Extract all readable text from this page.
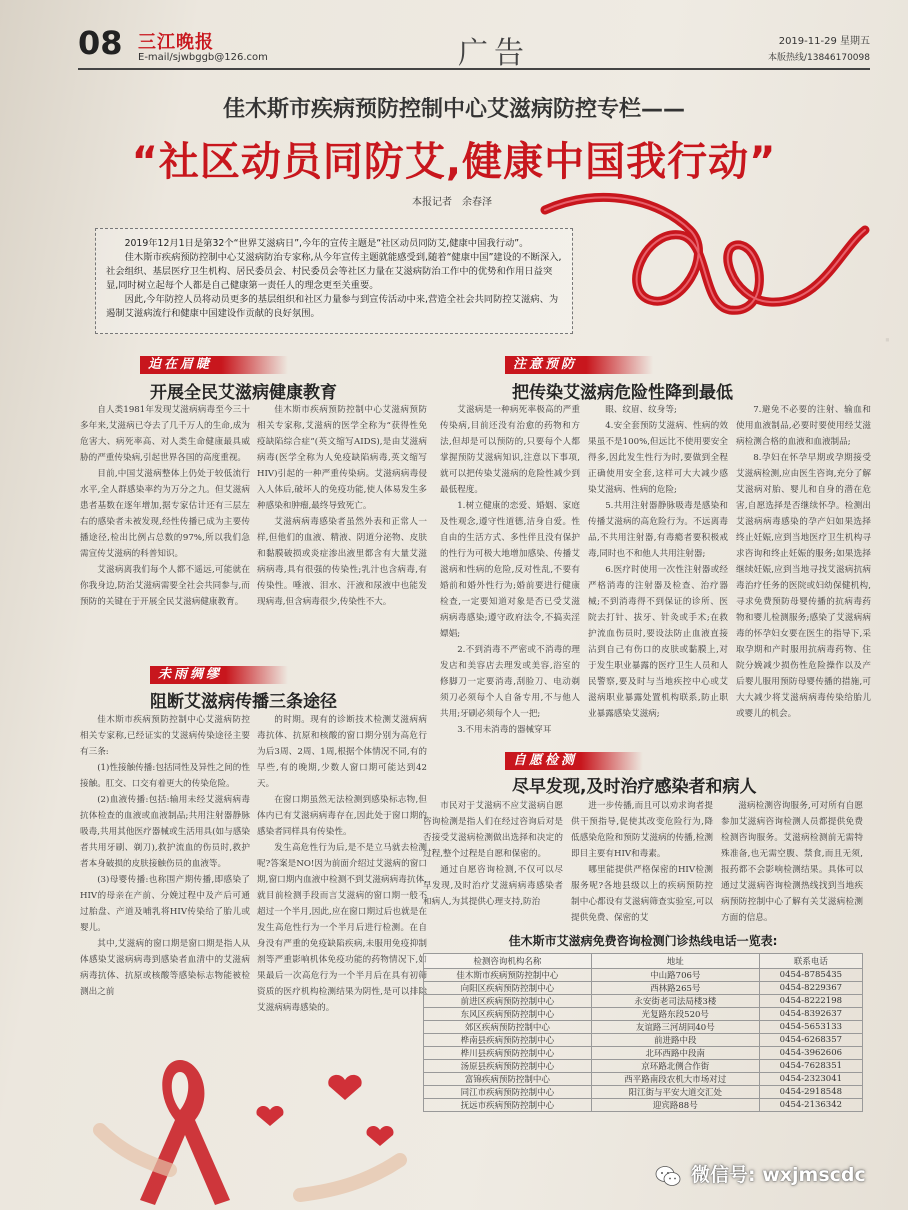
08 三江晚报
E-mail/sjwbggb@126.com	广告	2019-11-29 星期五
本版热线/13846170098
佳木斯市疾病预防控制中心艾滋病防控专栏——
“社区动员同防艾,健康中国我行动”
本报记者　余春泽

2019年12月1日是第32个“世界艾滋病日”,今年的宣传主题是“社区动员同防艾,健康中国我行动”。

佳木斯市疾病预防控制中心艾滋病防治专家称,从今年宣传主题就能感受到,随着“健康中国”建设的不断深入,社会组织、基层医疗卫生机构、居民委员会、村民委员会等社区力量在艾滋病防治工作中的优势和作用日益突显,同时树立起每个人都是自己健康第一责任人的理念更至关重要。

因此,今年防控人员将动员更多的基层组织和社区力量参与到宣传活动中来,营造全社会共同防控艾滋病、为遏制艾滋病流行和健康中国建设作贡献的良好氛围。

迫在眉睫
开展全民艾滋病健康教育

自人类1981年发现艾滋病病毒至今三十多年来,艾滋病已夺去了几千万人的生命,成为危害大、病死率高、对人类生命健康最具威胁的严重传染病,引起世界各国的高度重视。

目前,中国艾滋病整体上仍处于较低流行水平,全人群感染率约为万分之九。但艾滋病患者基数在逐年增加,据专家估计还有三层左右的感染者未被发现,经性传播已成为主要传播途径,检出比例占总数的97%,所以我们急需宣传艾滋病的科普知识。

艾滋病离我们每个人都不遥远,可能就在你我身边,防治艾滋病需要全社会共同参与,而预防的关键在于开展全民艾滋病健康教育。

佳木斯市疾病预防控制中心艾滋病预防相关专家称,艾滋病的医学全称为“获得性免疫缺陷综合症”(英文缩写AIDS),是由艾滋病病毒(医学全称为人免疫缺陷病毒,英文缩写HIV)引起的一种严重传染病。艾滋病病毒侵入人体后,破坏人的免疫功能,使人体易发生多种感染和肿瘤,最终导致死亡。

艾滋病病毒感染者虽然外表和正常人一样,但他们的血液、精液、阴道分泌物、皮肤和黏膜破损或炎症渗出液里都含有大量艾滋病病毒,具有很强的传染性;乳汁也含病毒,有传染性。唾液、泪水、汗液和尿液中也能发现病毒,但含病毒很少,传染性不大。

未雨绸缪
阻断艾滋病传播三条途径

佳木斯市疾病预防控制中心艾滋病防控相关专家称,已经证实的艾滋病传染途径主要有三条:

(1)性接触传播:包括同性及异性之间的性接触。肛交、口交有着更大的传染危险。

(2)血液传播:包括:输用未经艾滋病病毒抗体检查的血液或血液制品;共用注射器静脉吸毒,共用其他医疗器械或生活用具(如与感染者共用牙刷、剃刀),救护流血的伤员时,救护者本身破损的皮肤接触伤员的血液等。

(3)母婴传播:也称围产期传播,即感染了HIV的母亲在产前、分娩过程中及产后可通过胎盘、产道及哺乳将HIV传染给了胎儿或婴儿。

其中,艾滋病的窗口期是窗口期是指人从体感染艾滋病病毒到感染者血清中的艾滋病病毒抗体、抗原或核酸等感染标志物能被检测出之前

的时期。现有的诊断技术检测艾滋病病毒抗体、抗原和核酸的窗口期分别为高危行为后3周、2周、1周,根据个体情况不同,有的早些,有的晚期,少数人窗口期可能达到42天。

在窗口期虽然无法检测到感染标志物,但体内已有艾滋病病毒存在,因此处于窗口期的感染者同样具有传染性。

发生高危性行为后,是不是立马就去检测呢?答案是NO!因为前面介绍过艾滋病的窗口期,窗口期内血液中检测不到艾滋病病毒抗体,就目前检测手段而言艾滋病的窗口期一般不超过一个半月,因此,应在窗口期过后也就是在发生高危性行为一个半月后进行检测。在自身没有严重的免疫缺陷疾病,未服用免疫抑制剂等严重影响机体免疫功能的药物情况下,如果最后一次高危行为一个半月后在具有初筛资质的医疗机构检测结果为阴性,是可以排除艾滋病病毒感染的。

注意预防
把传染艾滋病危险性降到最低

艾滋病是一种病死率极高的严重传染病,目前还没有治愈的药物和方法,但却是可以预防的,只要每个人都掌握预防艾滋病知识,注意以下事项,就可以把传染艾滋病的危险性减少到最低程度。

1.树立健康的恋爱、婚姻、家庭及性观念,遵守性道德,洁身自爱。性自由的生活方式、多性伴且没有保护的性行为可极大地增加感染、传播艾滋病和性病的危险,反对性乱,不要有婚前和婚外性行为;婚前要进行健康检查,一定要知道对象是否已受艾滋病病毒感染;遵守政府法令,不搞卖淫嫖娼;

2.不到消毒不严密或不消毒的理发店和美容店去理发或美容,浴室的修脚刀一定要消毒,刮脸刀、电动剃须刀必须每个人自备专用,不与他人共用;牙刷必须每个人一把;

3.不用未消毒的器械穿耳

眼、纹眉、纹身等;

4.安全套预防艾滋病、性病的效果虽不是100%,但远比不使用要安全得多,因此发生性行为时,要做到全程正确使用安全套,这样可大大减少感染艾滋病、性病的危险;

5.共用注射器静脉吸毒是感染和传播艾滋病的高危险行为。不远离毒品,不共用注射器,有毒瘾者要积极戒毒,同时也不和他人共用注射器;

6.医疗时使用一次性注射器或经严格消毒的注射器及检查、治疗器械;不到消毒得不到保证的诊所、医院去打针、拔牙、针灸或手术;在救护流血伤员时,要设法防止血液直接沾到自己有伤口的皮肤或黏膜上,对于发生职业暴露的医疗卫生人员和人民警察,要及时与当地疾控中心或艾滋病职业暴露处置机构联系,防止职业暴露感染艾滋病;

7.避免不必要的注射、输血和使用血液制品,必要时要使用经艾滋病检测合格的血液和血液制品;

8.孕妇在怀孕早期或孕期接受艾滋病检测,应由医生咨询,充分了解艾滋病对胎、婴儿和自身的潜在危害,自愿选择是否继续怀孕。检测出艾滋病病毒感染的孕产妇如果选择终止妊娠,应到当地医疗卫生机构寻求咨询和终止妊娠的服务;如果选择继续妊娠,应到当地寻找艾滋病抗病毒治疗任务的医院或妇幼保健机构,寻求免费预防母婴传播的抗病毒药物和婴儿检测服务;感染了艾滋病病毒的怀孕妇女要在医生的指导下,采取孕期和产时服用抗病毒药物、住院分娩减少损伤性危险操作以及产后婴儿服用预防母婴传播的措施,可大大减少将艾滋病病毒传染给胎儿或婴儿的机会。

自愿检测
尽早发现,及时治疗感染者和病人

市民对于艾滋病不应艾滋病自愿咨询检测是指人们在经过咨询后对是否接受艾滋病检测做出选择和决定的过程,整个过程是自愿和保密的。

通过自愿咨询检测,不仅可以尽早发现,及时治疗艾滋病病毒感染者和病人,为其提供心理支持,防治

进一步传播,而且可以劝求询者提供干预指导,促使其改变危险行为,降低感染危险和预防艾滋病的传播,检测即目主要有HIV和毒素。

哪里能提供严格保密的HIV检测服务呢?各地县级以上的疾病预防控制中心都设有艾滋病筛查实验室,可以提供免费、保密的艾

滋病检测咨询服务,可对所有自愿参加艾滋病咨询检测人员都提供免费检测咨询服务。艾滋病检测前无需特殊准备,也无需空腹、禁食,而且无须,报药都不会影响检测结果。具体可以通过艾滋病咨询检测热线找到当地疾病预防控制中心了解有关艾滋病检测方面的信息。

佳木斯市艾滋病免费咨询检测门诊热线电话一览表:
检测咨询机构名称	地址	联系电话
佳木斯市疾病预防控制中心	中山路706号	0454-8785435
向阳区疾病预防控制中心	西林路265号	0454-8229367
前进区疾病预防控制中心	永安街老司法局楼3楼	0454-8222198
东风区疾病预防控制中心	光复路东段520号	0454-8392637
郊区疾病预防控制中心	友谊路三河胡同40号	0454-5653133
桦南县疾病预防控制中心	前进路中段	0454-6268357
桦川县疾病预防控制中心	北环西路中段南	0454-3962606
汤原县疾病预防控制中心	京环路北侧合作街	0454-7628351
富锦疾病预防控制中心	西平路南段农机大市场对过	0454-2323041
同江市疾病预防控制中心	阳江街与平安大道交汇处	0454-2918548
抚远市疾病预防控制中心	迎宾路88号	0454-2136342
·
微信号: wxjmscdc
